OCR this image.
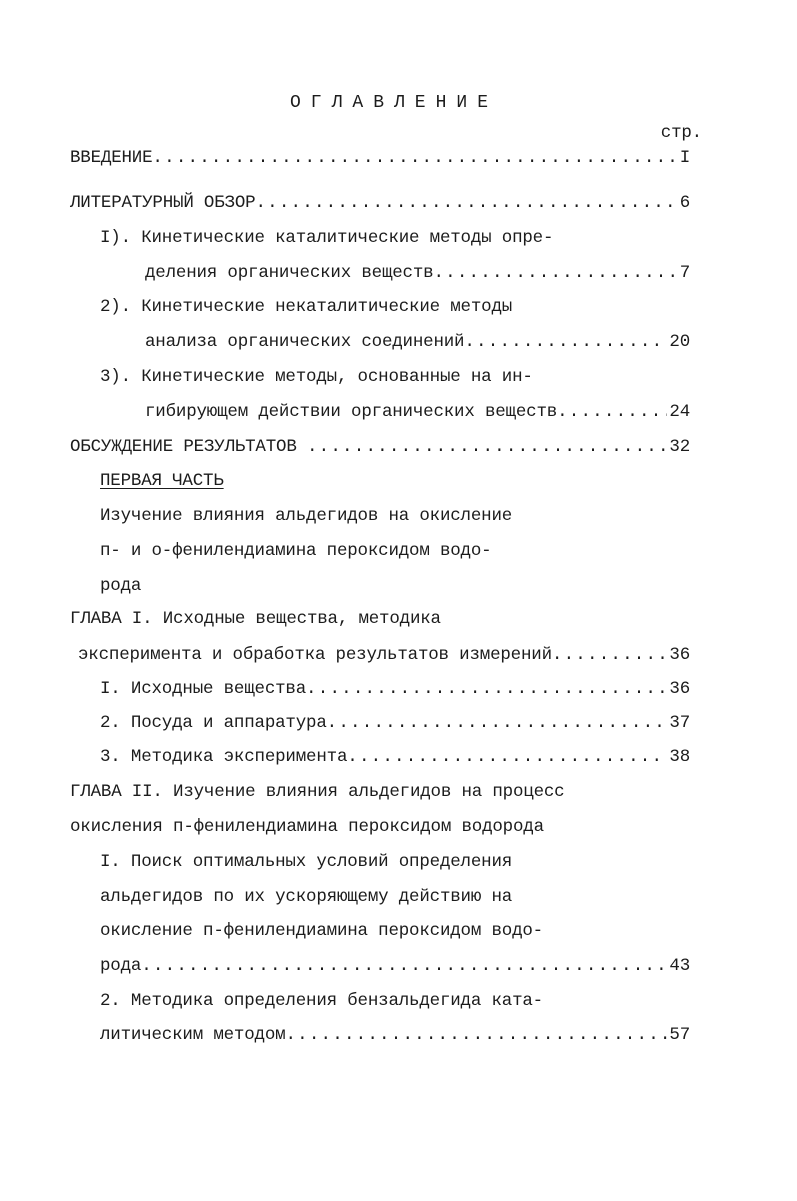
ОГЛАВЛЕНИЕ
стр.
ВВЕДЕНИЕ .....	I
ЛИТЕРАТУРНЫЙ ОБЗОР .....	6
I). Кинетические каталитические методы опре-
деления органических веществ .....	7
2). Кинетические некаталитические методы
анализа органических соединений .....	20
3). Кинетические методы, основанные на ин-
гибирующем действии органических веществ .....	24
ОБСУЖДЕНИЕ РЕЗУЛЬТАТОВ .....	32
ПЕРВАЯ ЧАСТЬ
Изучение влияния альдегидов на окисление
п- и о-фенилендиамина пероксидом водо-
рода
ГЛАВА I. Исходные вещества, методика
эксперимента и обработка результатов измерений .....	36
I. Исходные вещества .....	36
2. Посуда и аппаратура .....	37
3. Методика эксперимента .....	38
ГЛАВА II. Изучение влияния альдегидов на процесс
окисления п-фенилендиамина пероксидом водорода
I. Поиск оптимальных условий определения
альдегидов по их ускоряющему действию на
окисление п-фенилендиамина пероксидом водо-
рода .....	43
2. Методика определения бензальдегида ката-
литическим методом .....	57
